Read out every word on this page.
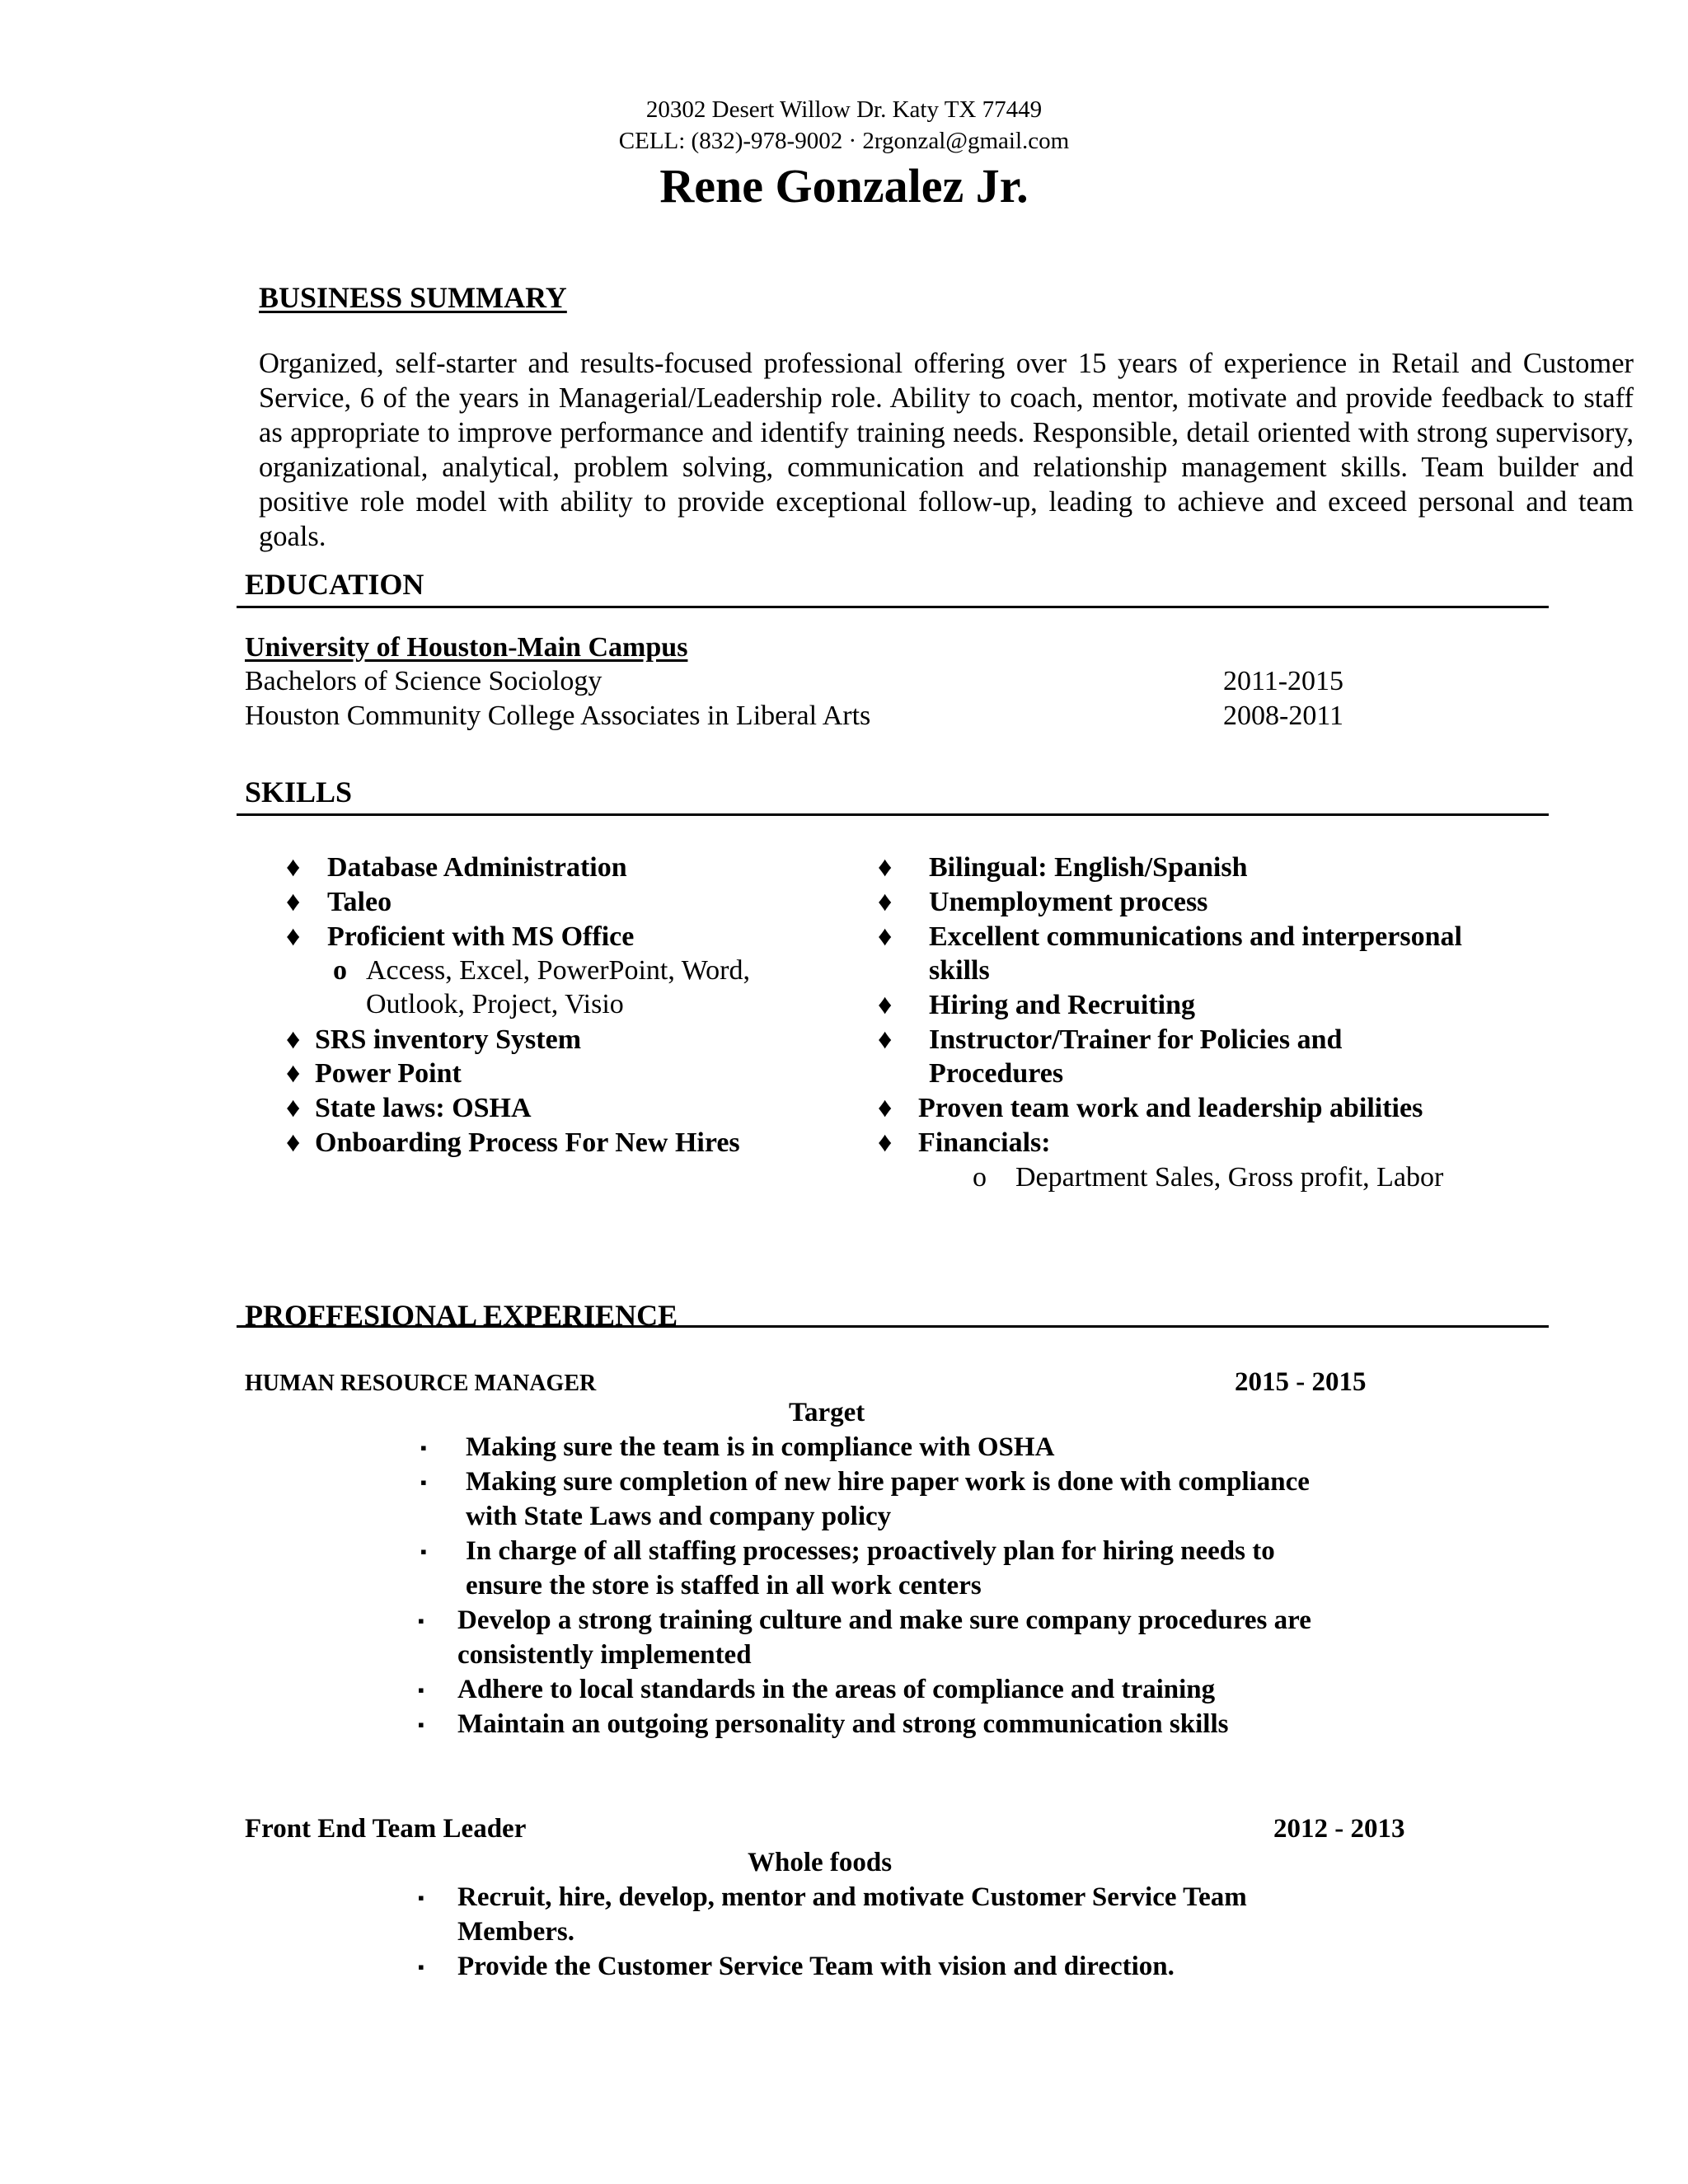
20302 Desert Willow Dr. Katy TX 77449
CELL: (832)-978-9002 · 2rgonzal@gmail.com
Rene Gonzalez Jr.
BUSINESS SUMMARY
Organized, self-starter and results-focused professional offering over 15 years of experience in Retail and Customer Service, 6 of the years in Managerial/Leadership role. Ability to coach, mentor, motivate and provide feedback to staff as appropriate to improve performance and identify training needs. Responsible, detail oriented with strong supervisory, organizational, analytical, problem solving, communication and relationship management skills. Team builder and positive role model with ability to provide exceptional follow-up, leading to achieve and exceed personal and team goals.
EDUCATION
University of Houston-Main Campus
Bachelors of Science Sociology	2011-2015
Houston Community College Associates in Liberal Arts	2008-2011
SKILLS
♦ Database Administration
♦ Taleo
♦ Proficient with MS Office
o Access, Excel, PowerPoint, Word,
Outlook, Project, Visio
♦ SRS inventory System
♦ Power Point
♦ State laws: OSHA
♦ Onboarding Process For New Hires
♦ Bilingual: English/Spanish
♦ Unemployment process
♦ Excellent communications and interpersonal
skills
♦ Hiring and Recruiting
♦ Instructor/Trainer for Policies and
Procedures
♦ Proven team work and leadership abilities
♦ Financials:
o Department Sales, Gross profit, Labor
PROFFESIONAL EXPERIENCE
HUMAN RESOURCE MANAGER	2015 - 2015
Target
▪ Making sure the team is in compliance with OSHA
▪ Making sure completion of new hire paper work is done with compliance
with State Laws and company policy
▪ In charge of all staffing processes; proactively plan for hiring needs to
ensure the store is staffed in all work centers
▪ Develop a strong training culture and make sure company procedures are
consistently implemented
▪ Adhere to local standards in the areas of compliance and training
▪ Maintain an outgoing personality and strong communication skills
Front End Team Leader	2012 - 2013
Whole foods
▪ Recruit, hire, develop, mentor and motivate Customer Service Team
Members.
▪ Provide the Customer Service Team with vision and direction.
